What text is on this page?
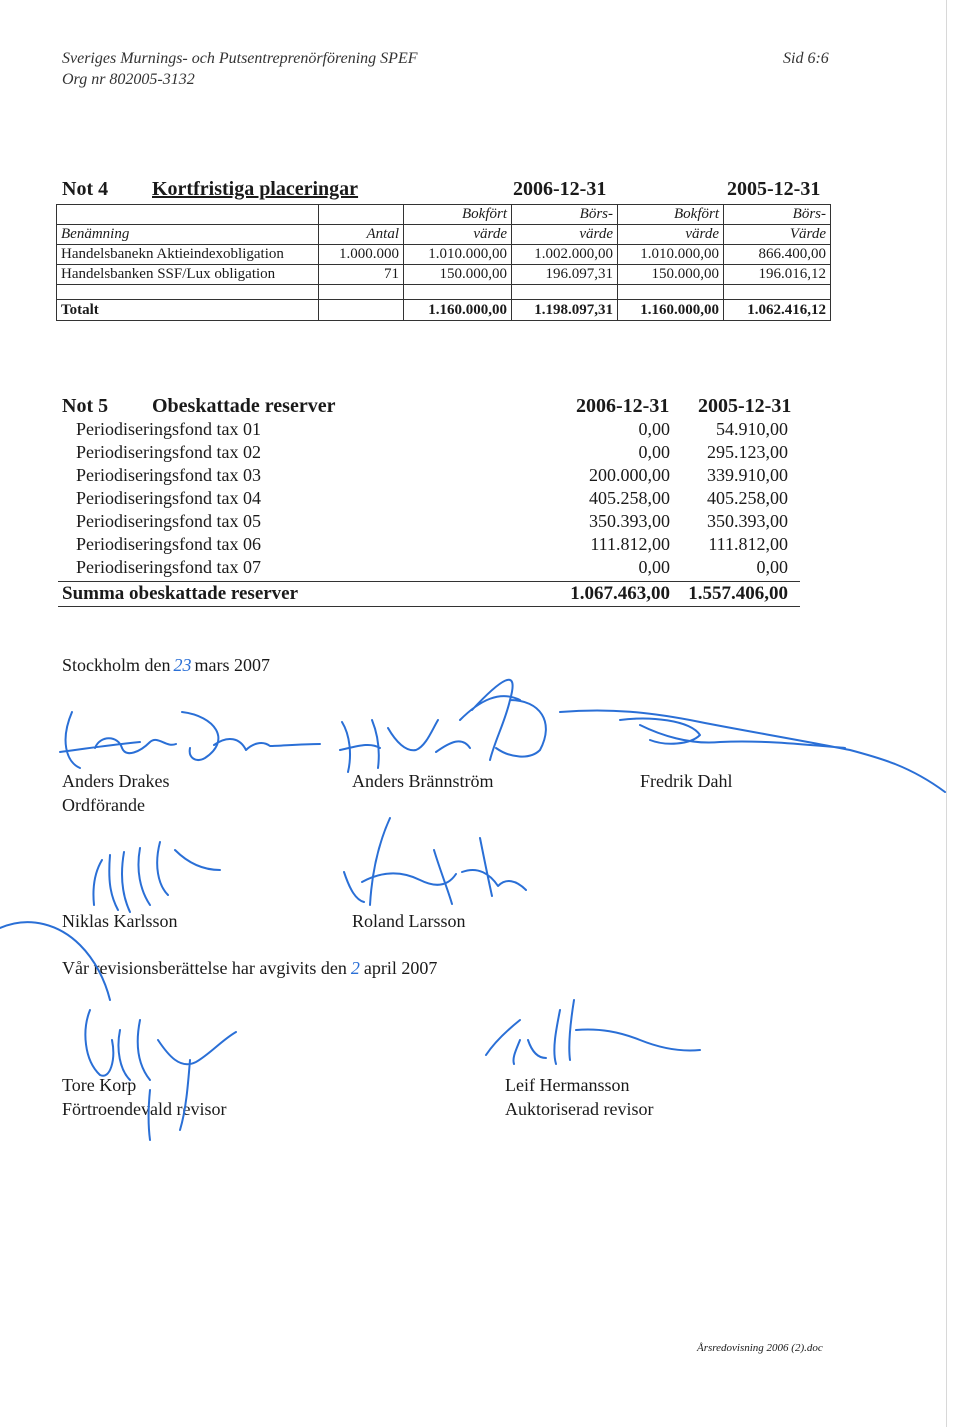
Sveriges Murnings- och Putsentreprenörförening SPEF
Org nr 802005-3132
Sid 6:6
Not 4 Kortfristiga placeringar	2006-12-31	2005-12-31
		Bokfört	Börs-	Bokfört	Börs-
Benämning	Antal	värde	värde	värde	Värde
Handelsbanekn Aktieindexobligation	1.000.000	1.010.000,00	1.002.000,00	1.010.000,00	866.400,00
Handelsbanken SSF/Lux obligation	71	150.000,00	196.097,31	150.000,00	196.016,12

Totalt		1.160.000,00	1.198.097,31	1.160.000,00	1.062.416,12
Not 5 Obeskattade reserver	2006-12-31 2005-12-31
Periodiseringsfond tax 01	0,00	54.910,00
Periodiseringsfond tax 02	0,00 295.123,00
Periodiseringsfond tax 03	200.000,00 339.910,00
Periodiseringsfond tax 04	405.258,00 405.258,00
Periodiseringsfond tax 05	350.393,00 350.393,00
Periodiseringsfond tax 06	111.812,00 111.812,00
Periodiseringsfond tax 07	0,00	0,00
Summa obeskattade reserver	1.067.463,00 1.557.406,00
Stockholm den 23 mars 2007
Anders Drakes
Ordförande
Anders Brännström	Fredrik Dahl
Niklas Karlsson	Roland Larsson
Vår revisionsberättelse har avgivits den 2 april 2007
Tore Korp
Förtroendevald revisor
Leif Hermansson
Auktoriserad revisor
Årsredovisning 2006 (2).doc
